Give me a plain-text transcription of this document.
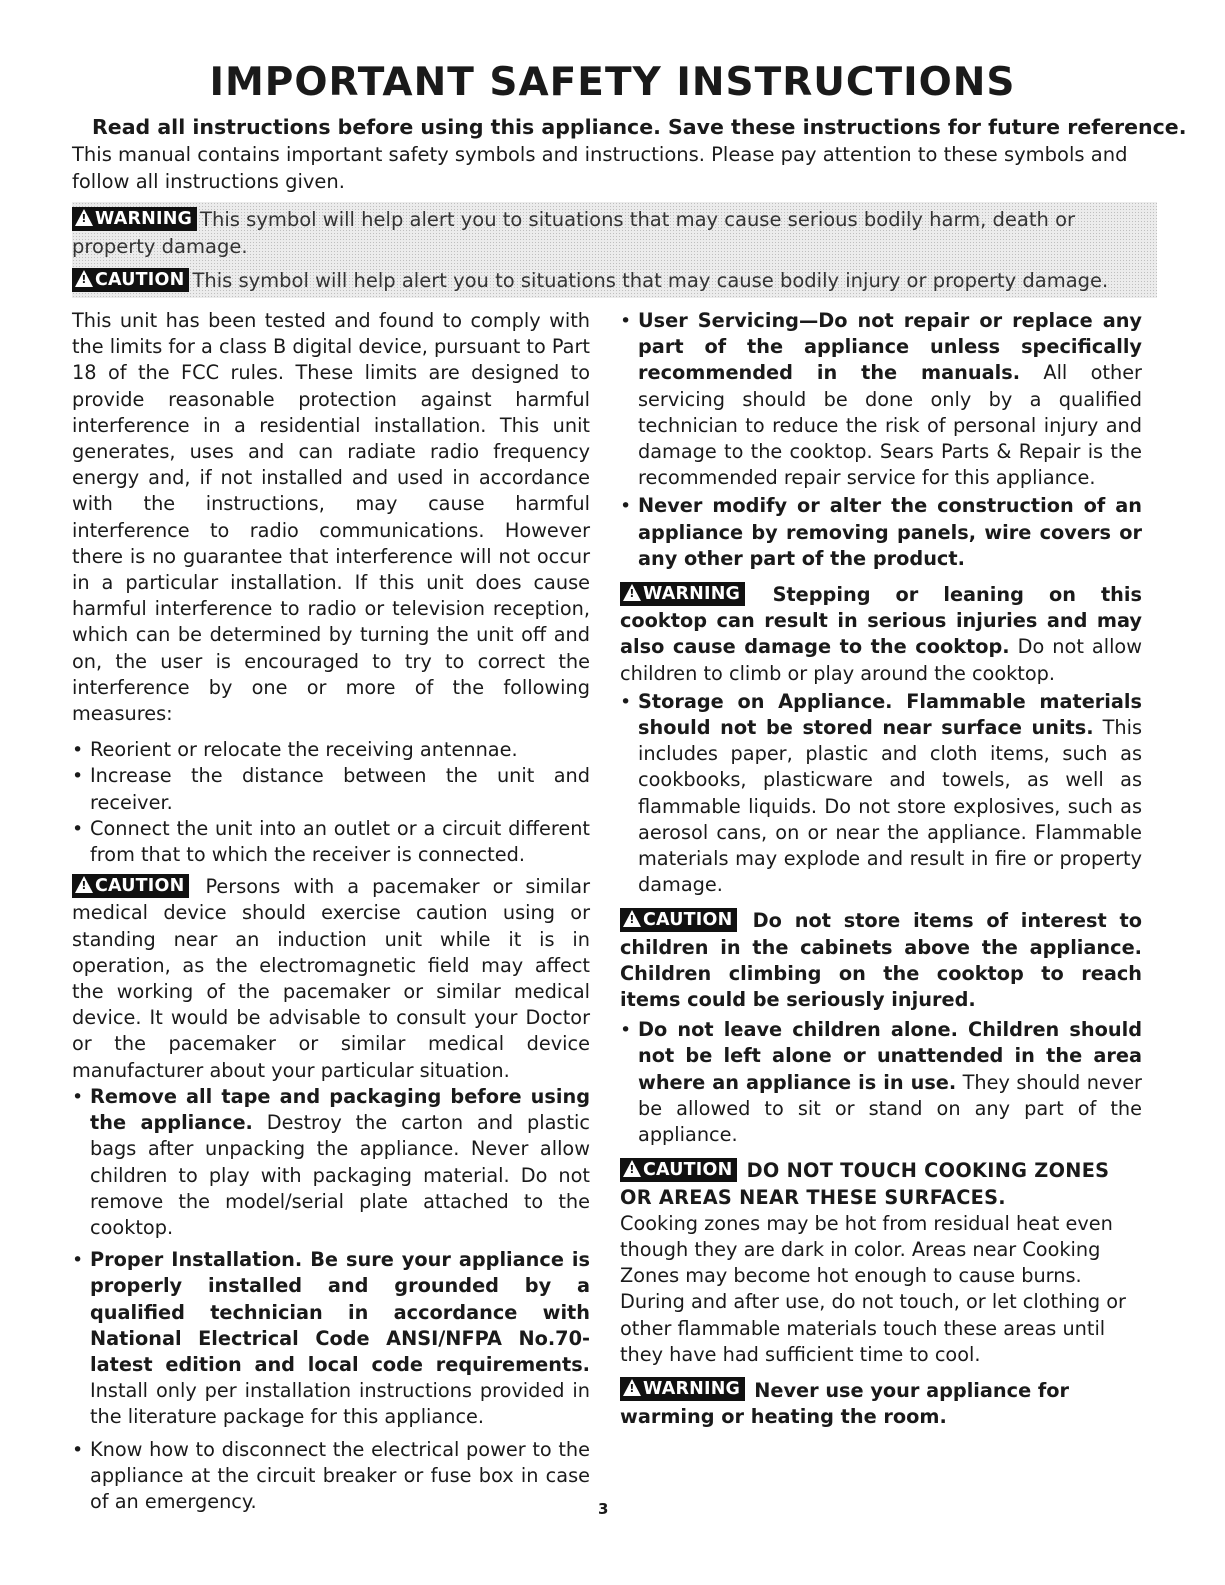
IMPORTANT SAFETY INSTRUCTIONS
Read all instructions before using this appliance. Save these instructions for future reference.
This manual contains important safety symbols and instructions. Please pay attention to these symbols and follow all instructions given.
! WARNING This symbol will help alert you to situations that may cause serious bodily harm, death or property damage.
! CAUTION This symbol will help alert you to situations that may cause bodily injury or property damage.

This unit has been tested and found to comply with the limits for a class B digital device, pursuant to Part 18 of the FCC rules. These limits are designed to provide reasonable protection against harmful interference in a residential installation. This unit generates, uses and can radiate radio frequency energy and, if not installed and used in accordance with the instructions, may cause harmful interference to radio communications. However there is no guarantee that interference will not occur in a particular installation. If this unit does cause harmful interference to radio or television reception, which can be determined by turning the unit off and on, the user is encouraged to try to correct the interference by one or more of the following measures:

• Reorient or relocate the receiving antennae.
• Increase the distance between the unit and receiver.
• Connect the unit into an outlet or a circuit different from that to which the receiver is connected.

! CAUTION Persons with a pacemaker or similar medical device should exercise caution using or standing near an induction unit while it is in operation, as the electromagnetic field may affect the working of the pacemaker or similar medical device. It would be advisable to consult your Doctor or the pacemaker or similar medical device manufacturer about your particular situation.

• Remove all tape and packaging before using the appliance. Destroy the carton and plastic bags after unpacking the appliance. Never allow children to play with packaging material. Do not remove the model/serial plate attached to the cooktop.
• Proper Installation. Be sure your appliance is properly installed and grounded by a qualified technician in accordance with National Electrical Code ANSI/NFPA No.70-latest edition and local code requirements. Install only per installation instructions provided in the literature package for this appliance.
• Know how to disconnect the electrical power to the appliance at the circuit breaker or fuse box in case of an emergency.
• User Servicing—Do not repair or replace any part of the appliance unless specifically recommended in the manuals. All other servicing should be done only by a qualified technician to reduce the risk of personal injury and damage to the cooktop. Sears Parts & Repair is the recommended repair service for this appliance.
• Never modify or alter the construction of an appliance by removing panels, wire covers or any other part of the product.

! WARNING Stepping or leaning on this cooktop can result in serious injuries and may also cause damage to the cooktop. Do not allow children to climb or play around the cooktop.

• Storage on Appliance. Flammable materials should not be stored near surface units. This includes paper, plastic and cloth items, such as cookbooks, plasticware and towels, as well as flammable liquids. Do not store explosives, such as aerosol cans, on or near the appliance. Flammable materials may explode and result in fire or property damage.

! CAUTION Do not store items of interest to children in the cabinets above the appliance. Children climbing on the cooktop to reach items could be seriously injured.

• Do not leave children alone. Children should not be left alone or unattended in the area where an appliance is in use. They should never be allowed to sit or stand on any part of the appliance.

! CAUTION DO NOT TOUCH COOKING ZONES OR AREAS NEAR THESE SURFACES.

Cooking zones may be hot from residual heat even though they are dark in color. Areas near Cooking Zones may become hot enough to cause burns. During and after use, do not touch, or let clothing or other flammable materials touch these areas until they have had sufficient time to cool.

! WARNING Never use your appliance for warming or heating the room.

3
